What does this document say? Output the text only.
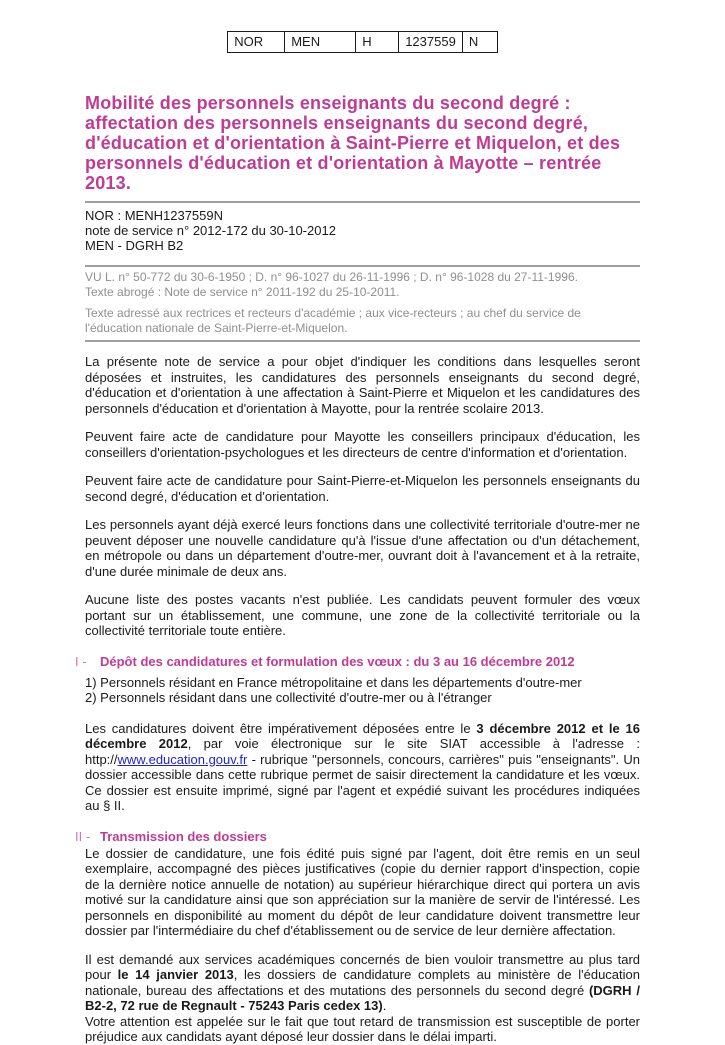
NOR	MEN	H	1237559	N
Mobilité des personnels enseignants du second degré : affectation des personnels enseignants du second degré, d'éducation et d'orientation à Saint-Pierre et Miquelon, et des personnels d'éducation et d'orientation à Mayotte – rentrée 2013.
NOR : MENH1237559N
note de service n° 2012-172 du 30-10-2012
MEN - DGRH B2
VU L. n° 50-772 du 30-6-1950 ; D. n° 96-1027 du 26-11-1996 ; D. n° 96-1028 du 27-11-1996.
Texte abrogé : Note de service n° 2011-192 du 25-10-2011.
Texte adressé aux rectrices et recteurs d'académie ; aux vice-recteurs ; au chef du service de l'éducation nationale de Saint-Pierre-et-Miquelon.

La présente note de service a pour objet d'indiquer les conditions dans lesquelles seront déposées et instruites, les candidatures des personnels enseignants du second degré, d'éducation et d'orientation à une affectation à Saint-Pierre et Miquelon et les candidatures des personnels d'éducation et d'orientation à Mayotte, pour la rentrée scolaire 2013.

Peuvent faire acte de candidature pour Mayotte les conseillers principaux d'éducation, les conseillers d'orientation-psychologues et les directeurs de centre d'information et d'orientation.

Peuvent faire acte de candidature pour Saint-Pierre-et-Miquelon les personnels enseignants du second degré, d'éducation et d'orientation.

Les personnels ayant déjà exercé leurs fonctions dans une collectivité territoriale d'outre-mer ne peuvent déposer une nouvelle candidature qu'à l'issue d'une affectation ou d'un détachement, en métropole ou dans un département d'outre-mer, ouvrant doit à l'avancement et à la retraite, d'une durée minimale de deux ans.

Aucune liste des postes vacants n'est publiée. Les candidats peuvent formuler des vœux portant sur un établissement, une commune, une zone de la collectivité territoriale ou la collectivité territoriale toute entière.

I -	Dépôt des candidatures et formulation des vœux : du 3 au 16 décembre 2012
1) Personnels résidant en France métropolitaine et dans les départements d'outre-mer
2) Personnels résidant dans une collectivité d'outre-mer ou à l'étranger

Les candidatures doivent être impérativement déposées entre le 3 décembre 2012 et le 16 décembre 2012, par voie électronique sur le site SIAT accessible à l'adresse : http://www.education.gouv.fr - rubrique "personnels, concours, carrières" puis "enseignants". Un dossier accessible dans cette rubrique permet de saisir directement la candidature et les vœux. Ce dossier est ensuite imprimé, signé par l'agent et expédié suivant les procédures indiquées au § II.

II - Transmission des dossiers

Le dossier de candidature, une fois édité puis signé par l'agent, doit être remis en un seul exemplaire, accompagné des pièces justificatives (copie du dernier rapport d'inspection, copie de la dernière notice annuelle de notation) au supérieur hiérarchique direct qui portera un avis motivé sur la candidature ainsi que son appréciation sur la manière de servir de l'intéressé. Les personnels en disponibilité au moment du dépôt de leur candidature doivent transmettre leur dossier par l'intermédiaire du chef d'établissement ou de service de leur dernière affectation.

Il est demandé aux services académiques concernés de bien vouloir transmettre au plus tard pour le 14 janvier 2013, les dossiers de candidature complets au ministère de l'éducation nationale, bureau des affectations et des mutations des personnels du second degré (DGRH / B2-2, 72 rue de Regnault - 75243 Paris cedex 13).

Votre attention est appelée sur le fait que tout retard de transmission est susceptible de porter préjudice aux candidats ayant déposé leur dossier dans le délai imparti.
